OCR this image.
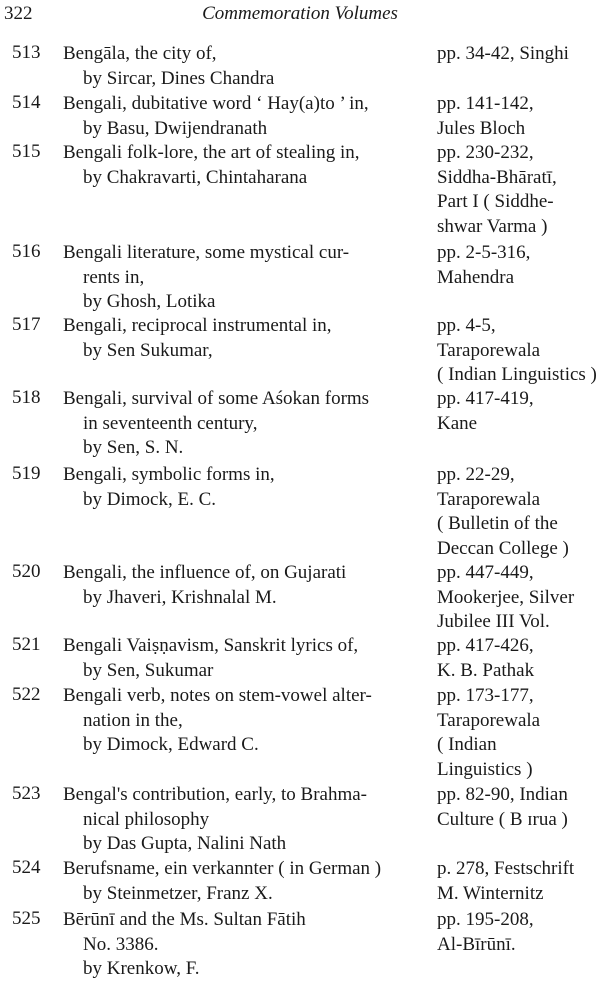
322	Commemoration Volumes
513 Bengāla, the city of,
by Sircar, Dines Chandra
pp. 34-42, Singhi
514 Bengali, dubitative word ‘ Hay(a)to ’ in,
by Basu, Dwijendranath
pp. 141-142,
Jules Bloch
515 Bengali folk-lore, the art of stealing in,
by Chakravarti, Chintaharana
pp. 230-232,
Siddha-Bhāratī,
Part I ( Siddhe-
shwar Varma )
516 Bengali literature, some mystical cur-
rents in,
by Ghosh, Lotika
pp. 2-5-316,
Mahendra
517 Bengali, reciprocal instrumental in,
by Sen Sukumar,
pp. 4-5,
Taraporewala
( Indian Linguistics )
518 Bengali, survival of some Aśokan forms
in seventeenth century,
by Sen, S. N.
pp. 417-419,
Kane
519 Bengali, symbolic forms in,
by Dimock, E. C.
pp. 22-29,
Taraporewala
( Bulletin of the
Deccan College )
520 Bengali, the influence of, on Gujarati
by Jhaveri, Krishnalal M.
pp. 447-449,
Mookerjee, Silver
Jubilee III Vol.
521 Bengali Vaiṣṇavism, Sanskrit lyrics of,
by Sen, Sukumar
pp. 417-426,
K. B. Pathak
522 Bengali verb, notes on stem-vowel alter-
nation in the,
by Dimock, Edward C.
pp. 173-177,
Taraporewala
( Indian
Linguistics )
523 Bengal's contribution, early, to Brahma-
nical philosophy
by Das Gupta, Nalini Nath
pp. 82-90, Indian
Culture ( B ɪrua )
524 Berufsname, ein verkannter ( in German )
by Steinmetzer, Franz X.
p. 278, Festschrift
M. Winternitz
525 Bērūnī and the Ms. Sultan Fātih
No. 3386.
by Krenkow, F.
pp. 195-208,
Al-Bīrūnī.
